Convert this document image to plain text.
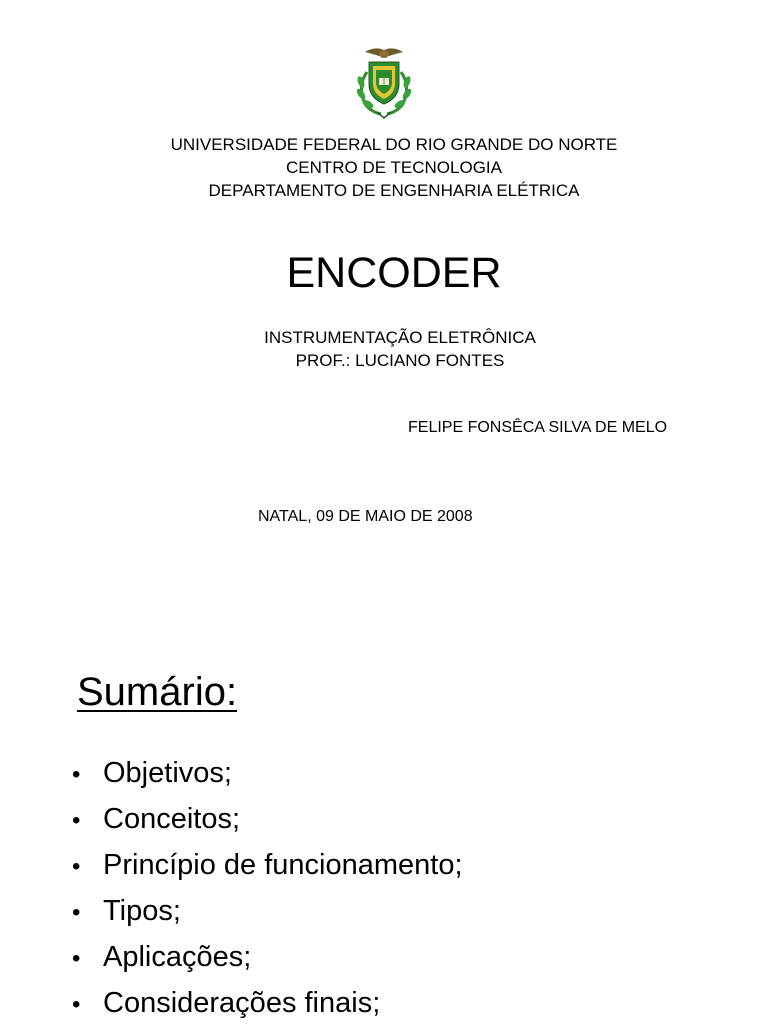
UNIVERSIDADE FEDERAL DO RIO GRANDE DO NORTE
CENTRO DE TECNOLOGIA
DEPARTAMENTO DE ENGENHARIA ELÉTRICA
ENCODER
INSTRUMENTAÇÃO ELETRÔNICA
PROF.: LUCIANO FONTES
FELIPE FONSÊCA SILVA DE MELO
NATAL, 09 DE MAIO DE 2008
Sumário:
• Objetivos;
• Conceitos;
• Princípio de funcionamento;
• Tipos;
• Aplicações;
• Considerações finais;
